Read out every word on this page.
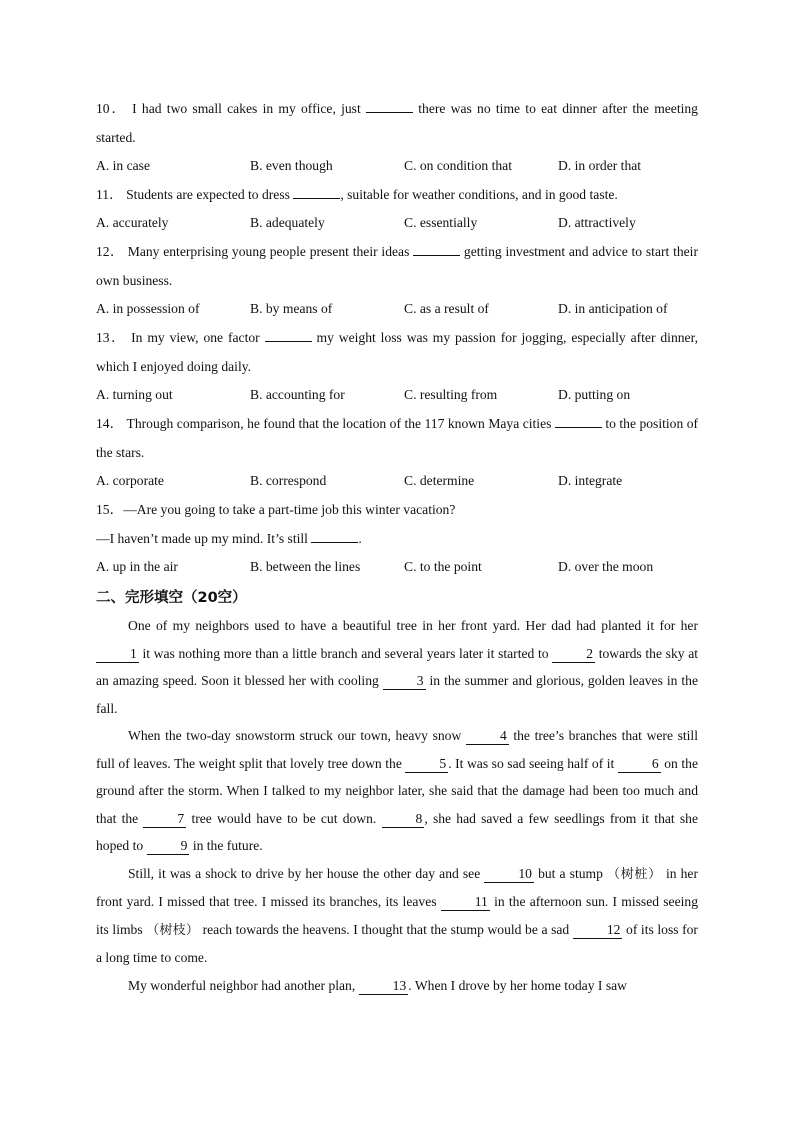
10． I had two small cakes in my office, just	there was no time to eat dinner after the meeting started.
A. in case	B. even though	C. on condition that	D. in order that
11． Students are expected to dress	, suitable for weather conditions, and in good taste.
A. accurately	B. adequately	C. essentially	D. attractively
12． Many enterprising young people present their ideas	getting investment and advice to start their own business.
A. in possession of	B. by means of	C. as a result of	D. in anticipation of
13． In my view, one factor	my weight loss was my passion for jogging, especially after dinner, which I enjoyed doing daily.
A. turning out	B. accounting for	C. resulting from	D. putting on
14． Through comparison, he found that the location of the 117 known Maya cities	to the position of the stars.
A. corporate	B. correspond	C. determine	D. integrate
15．—Are you going to take a part-time job this winter vacation?
—I haven’t made up my mind. It’s still	.
A. up in the air	B. between the lines	C. to the point	D. over the moon
二、完形填空（20空）

One of my neighbors used to have a beautiful tree in her front yard. Her dad had planted it for her 1 it was nothing more than a little branch and several years later it started to	2 towards the sky at an amazing speed. Soon it blessed her with cooling	3 in the summer and glorious, golden leaves in the fall.

When the two-day snowstorm struck our town, heavy snow	4 the tree’s branches that were still full of leaves. The weight split that lovely tree down the	5 . It was so sad seeing half of it	6 on the ground after the storm. When I talked to my neighbor later, she said that the damage had been too much and that the	7 tree would have to be cut down.	8 , she had saved a few seedlings from it that she hoped to	9 in the future.

Still, it was a shock to drive by her house the other day and see	10 but a stump （树桩） in her front yard. I missed that tree. I missed its branches, its leaves	11 in the afternoon sun. I missed seeing its limbs （树枝） reach towards the heavens. I thought that the stump would be a sad	12 of its loss for a long time to come.

My wonderful neighbor had another plan,	13 . When I drove by her home today I saw
